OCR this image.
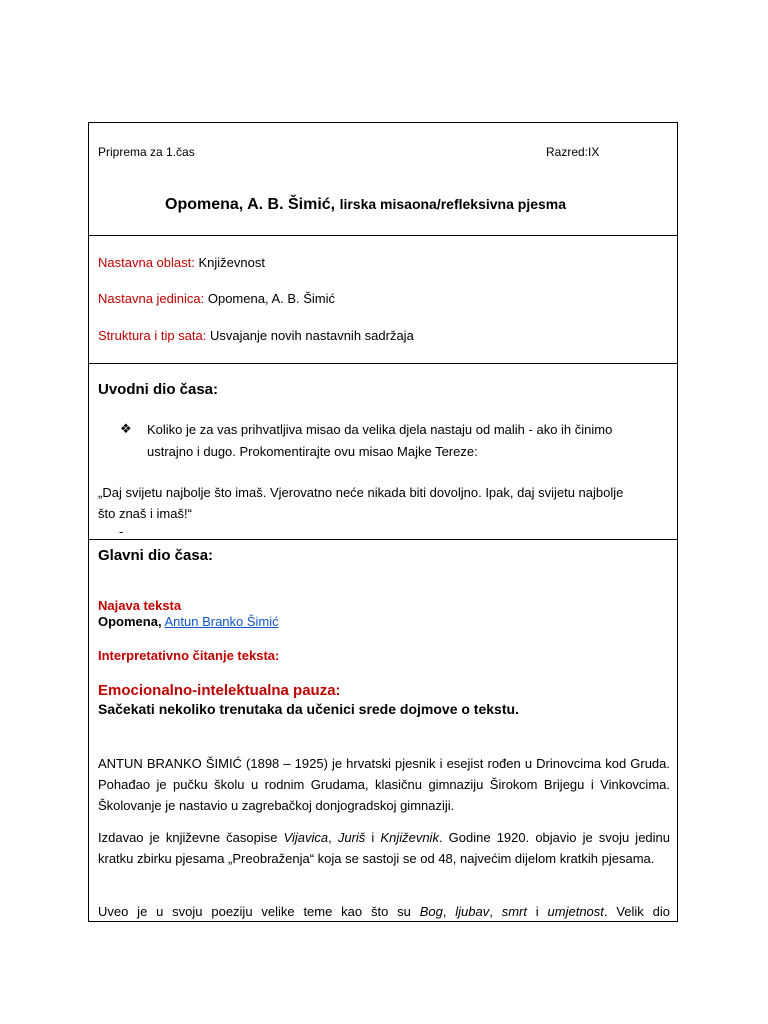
Priprema za 1.čas	Razred:IX
Opomena, A. B. Šimić, lirska misaona/refleksivna pjesma
Nastavna oblast: Književnost
Nastavna jedinica: Opomena, A. B. Šimić
Struktura i tip sata: Usvajanje novih nastavnih sadržaja
Uvodni dio časa:
❖ Koliko je za vas prihvatljiva misao da velika djela nastaju od malih - ako ih činimo
ustrajno i dugo. Prokomentirajte ovu misao Majke Tereze:
„Daj svijetu najbolje što imaš. Vjerovatno neće nikada biti dovoljno. Ipak, daj svijetu najbolje
što znaš i imaš!“
-
Glavni dio časa:
Najava teksta
Opomena, Antun Branko Šimić
Interpretativno čitanje teksta:
Emocionalno-intelektualna pauza:
Sačekati nekoliko trenutaka da učenici srede dojmove o tekstu.
ANTUN BRANKO ŠIMIĆ (1898 – 1925) je hrvatski pjesnik i esejist rođen u Drinovcima kod Gruda. Pohađao je pučku školu u rodnim Grudama, klasičnu gimnaziju Širokom Brijegu i Vinkovcima. Školovanje je nastavio u zagrebačkoj donjogradskoj gimnaziji.
Izdavao je književne časopise Vijavica, Juriš i Književnik. Godine 1920. objavio je svoju jedinu kratku zbirku pjesama „Preobraženja“ koja se sastoji se od 48, najvećim dijelom kratkih pjesama.
Uveo je u svoju poeziju velike teme kao što su Bog, ljubav, smrt i umjetnost. Velik dio
